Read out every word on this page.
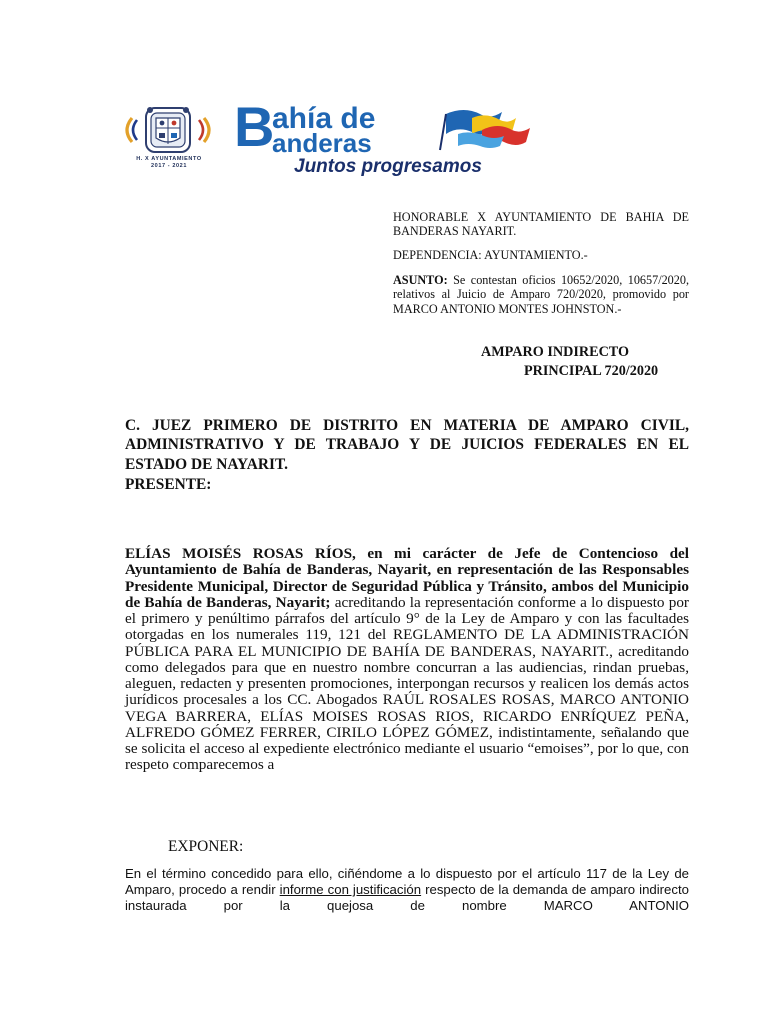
H. X AYUNTAMIENTO
2017 - 2021
B
ahía de
anderas
Juntos progresamos
HONORABLE X AYUNTAMIENTO DE BAHIA DE BANDERAS NAYARIT.
DEPENDENCIA: AYUNTAMIENTO.-
ASUNTO: Se contestan oficios 10652/2020, 10657/2020, relativos al Juicio de Amparo 720/2020, promovido por MARCO ANTONIO MONTES JOHNSTON.-
AMPARO INDIRECTO
PRINCIPAL 720/2020
C. JUEZ PRIMERO DE DISTRITO EN MATERIA DE AMPARO CIVIL, ADMINISTRATIVO Y DE TRABAJO Y DE JUICIOS FEDERALES EN EL ESTADO DE NAYARIT.
PRESENTE:
ELÍAS MOISÉS ROSAS RÍOS, en mi carácter de Jefe de Contencioso del Ayuntamiento de Bahía de Banderas, Nayarit, en representación de las Responsables Presidente Municipal, Director de Seguridad Pública y Tránsito, ambos del Municipio de Bahía de Banderas, Nayarit; acreditando la representación conforme a lo dispuesto por el primero y penúltimo párrafos del artículo 9° de la Ley de Amparo y con las facultades otorgadas en los numerales 119, 121 del REGLAMENTO DE LA ADMINISTRACIÓN PÚBLICA PARA EL MUNICIPIO DE BAHÍA DE BANDERAS, NAYARIT., acreditando como delegados para que en nuestro nombre concurran a las audiencias, rindan pruebas, aleguen, redacten y presenten promociones, interpongan recursos y realicen los demás actos jurídicos procesales a los CC. Abogados RAÚL ROSALES ROSAS, MARCO ANTONIO VEGA BARRERA, ELÍAS MOISES ROSAS RIOS, RICARDO ENRÍQUEZ PEÑA, ALFREDO GÓMEZ FERRER, CIRILO LÓPEZ GÓMEZ, indistintamente, señalando que se solicita el acceso al expediente electrónico mediante el usuario “emoises”, por lo que, con respeto comparecemos a
EXPONER:
En el término concedido para ello, ciñéndome a lo dispuesto por el artículo 117 de la Ley de Amparo, procedo a rendir informe con justificación respecto de la demanda de amparo indirecto instaurada por la quejosa de nombre MARCO ANTONIO
